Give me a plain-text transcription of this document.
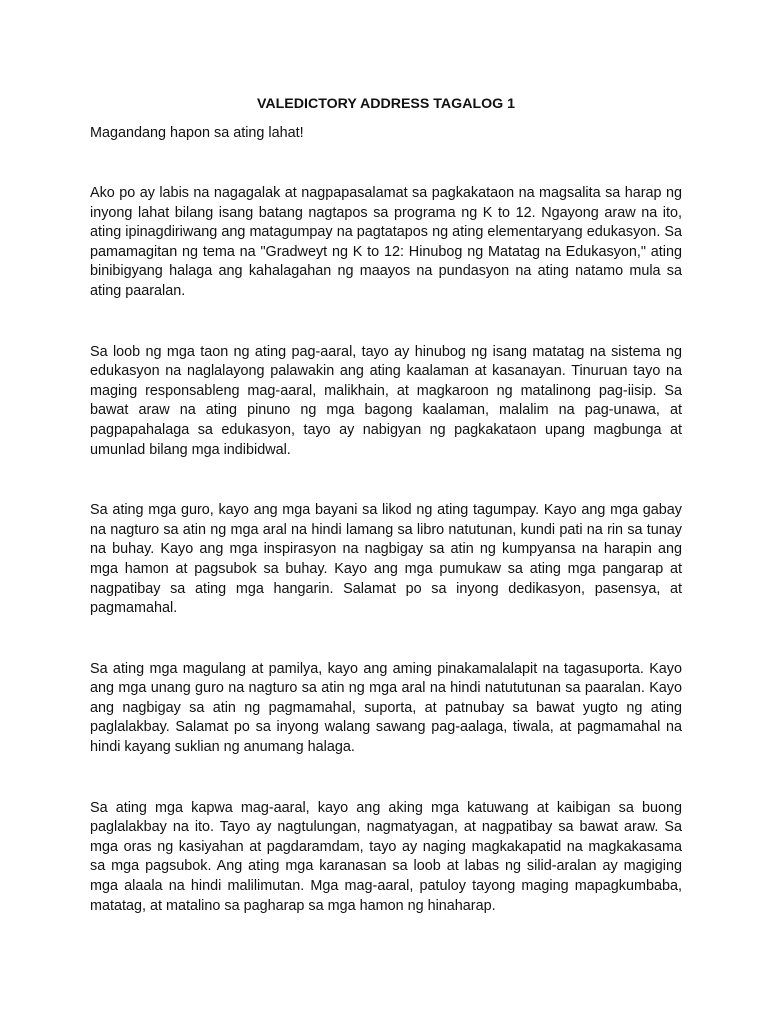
VALEDICTORY ADDRESS TAGALOG 1
Magandang hapon sa ating lahat!

Ako po ay labis na nagagalak at nagpapasalamat sa pagkakataon na magsalita sa harap ng inyong lahat bilang isang batang nagtapos sa programa ng K to 12. Ngayong araw na ito, ating ipinagdiriwang ang matagumpay na pagtatapos ng ating elementaryang edukasyon. Sa pamamagitan ng tema na "Gradweyt ng K to 12: Hinubog ng Matatag na Edukasyon," ating binibigyang halaga ang kahalagahan ng maayos na pundasyon na ating natamo mula sa ating paaralan.

Sa loob ng mga taon ng ating pag-aaral, tayo ay hinubog ng isang matatag na sistema ng edukasyon na naglalayong palawakin ang ating kaalaman at kasanayan. Tinuruan tayo na maging responsableng mag-aaral, malikhain, at magkaroon ng matalinong pag-iisip. Sa bawat araw na ating pinuno ng mga bagong kaalaman, malalim na pag-unawa, at pagpapahalaga sa edukasyon, tayo ay nabigyan ng pagkakataon upang magbunga at umunlad bilang mga indibidwal.

Sa ating mga guro, kayo ang mga bayani sa likod ng ating tagumpay. Kayo ang mga gabay na nagturo sa atin ng mga aral na hindi lamang sa libro natutunan, kundi pati na rin sa tunay na buhay. Kayo ang mga inspirasyon na nagbigay sa atin ng kumpyansa na harapin ang mga hamon at pagsubok sa buhay. Kayo ang mga pumukaw sa ating mga pangarap at nagpatibay sa ating mga hangarin. Salamat po sa inyong dedikasyon, pasensya, at pagmamahal.

Sa ating mga magulang at pamilya, kayo ang aming pinakamalalapit na tagasuporta. Kayo ang mga unang guro na nagturo sa atin ng mga aral na hindi natututunan sa paaralan. Kayo ang nagbigay sa atin ng pagmamahal, suporta, at patnubay sa bawat yugto ng ating paglalakbay. Salamat po sa inyong walang sawang pag-aalaga, tiwala, at pagmamahal na hindi kayang suklian ng anumang halaga.

Sa ating mga kapwa mag-aaral, kayo ang aking mga katuwang at kaibigan sa buong paglalakbay na ito. Tayo ay nagtulungan, nagmatyagan, at nagpatibay sa bawat araw. Sa mga oras ng kasiyahan at pagdaramdam, tayo ay naging magkakapatid na magkakasama sa mga pagsubok. Ang ating mga karanasan sa loob at labas ng silid-aralan ay magiging mga alaala na hindi malilimutan. Mga mag-aaral, patuloy tayong maging mapagkumbaba, matatag, at matalino sa pagharap sa mga hamon ng hinaharap.
